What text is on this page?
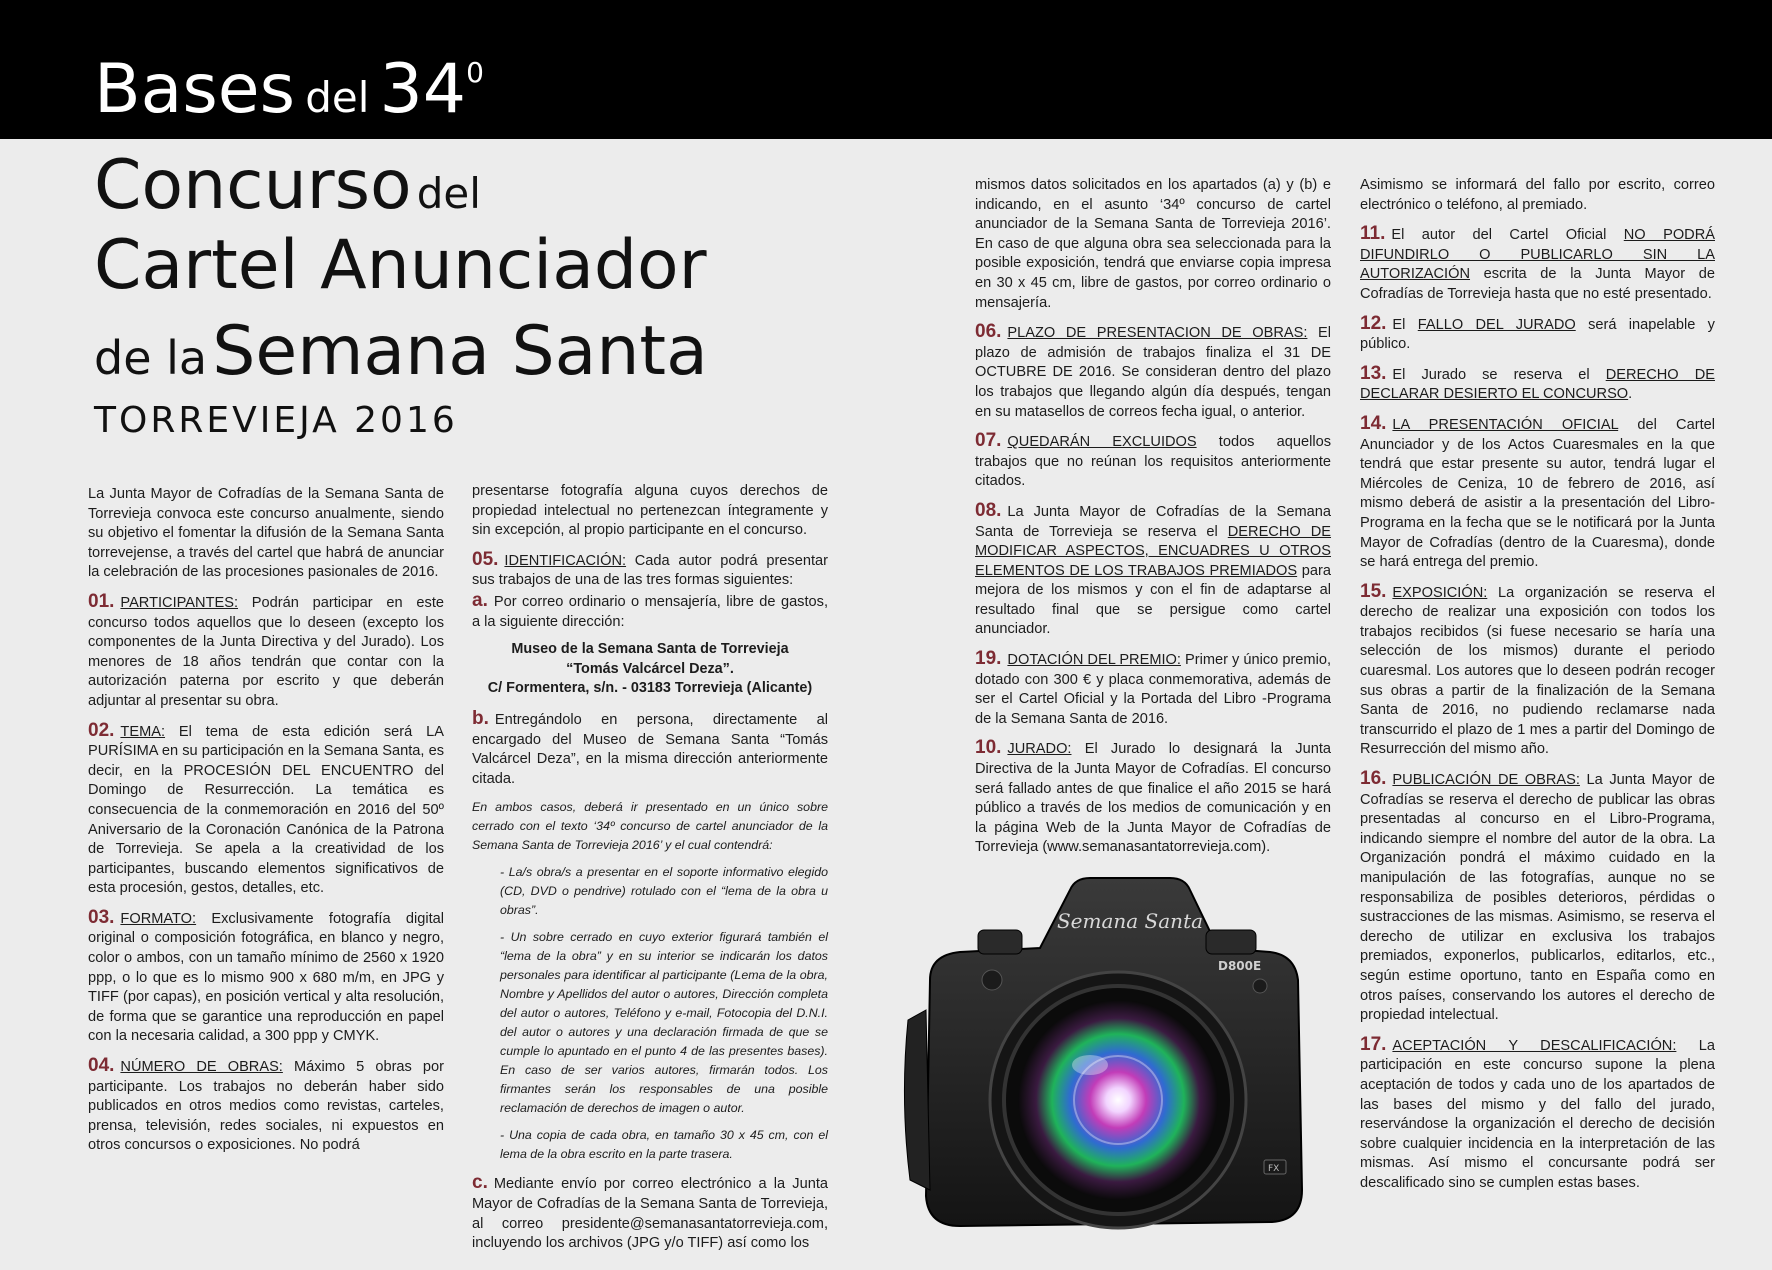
Bases del $34^0$
Concurso del
Cartel Anunciador
de la Semana Santa
TORREVIEJA 2016

La Junta Mayor de Cofradías de la Semana Santa de Torrevieja convoca este concurso anualmente, siendo su objetivo el fomentar la difusión de la Semana Santa torrevejense, a través del cartel que habrá de anunciar la celebración de las procesiones pasionales de 2016.

01. PARTICIPANTES: Podrán participar en este concurso todos aquellos que lo deseen (excepto los componentes de la Junta Directiva y del Jurado). Los menores de 18 años tendrán que contar con la autorización paterna por escrito y que deberán adjuntar al presentar su obra.

02. TEMA: El tema de esta edición será LA PURÍSIMA en su participación en la Semana Santa, es decir, en la PROCESIÓN DEL ENCUENTRO del Domingo de Resurrección. La temática es consecuencia de la conmemoración en 2016 del 50º Aniversario de la Coronación Canónica de la Patrona de Torrevieja. Se apela a la creatividad de los participantes, buscando elementos significativos de esta procesión, gestos, detalles, etc.

03. FORMATO: Exclusivamente fotografía digital original o composición fotográfica, en blanco y negro, color o ambos, con un tamaño mínimo de 2560 x 1920 ppp, o lo que es lo mismo 900 x 680 m/m, en JPG y TIFF (por capas), en posición vertical y alta resolución, de forma que se garantice una reproducción en papel con la necesaria calidad, a 300 ppp y CMYK.

04. NÚMERO DE OBRAS: Máximo 5 obras por participante. Los trabajos no deberán haber sido publicados en otros medios como revistas, carteles, prensa, televisión, redes sociales, ni expuestos en otros concursos o exposiciones. No podrá

presentarse fotografía alguna cuyos derechos de propiedad intelectual no pertenezcan íntegramente y sin excepción, al propio participante en el concurso.

05. IDENTIFICACIÓN: Cada autor podrá presentar sus trabajos de una de las tres formas siguientes:

a. Por correo ordinario o mensajería, libre de gastos, a la siguiente dirección:

Museo de la Semana Santa de Torrevieja
“Tomás Valcárcel Deza”.
C/ Formentera, s/n. - 03183 Torrevieja (Alicante)

b. Entregándolo en persona, directamente al encargado del Museo de Semana Santa “Tomás Valcárcel Deza”, en la misma dirección anteriormente citada.

En ambos casos, deberá ir presentado en un único sobre cerrado con el texto ‘34º concurso de cartel anunciador de la Semana Santa de Torrevieja 2016’ y el cual contendrá:

- La/s obra/s a presentar en el soporte informativo elegido (CD, DVD o pendrive) rotulado con el “lema de la obra u obras”.

- Un sobre cerrado en cuyo exterior figurará también el “lema de la obra” y en su interior se indicarán los datos personales para identificar al participante (Lema de la obra, Nombre y Apellidos del autor o autores, Dirección completa del autor o autores, Teléfono y e-mail, Fotocopia del D.N.I. del autor o autores y una declaración firmada de que se cumple lo apuntado en el punto 4 de las presentes bases). En caso de ser varios autores, firmarán todos. Los firmantes serán los responsables de una posible reclamación de derechos de imagen o autor.

- Una copia de cada obra, en tamaño 30 x 45 cm, con el lema de la obra escrito en la parte trasera.

c. Mediante envío por correo electrónico a la Junta Mayor de Cofradías de la Semana Santa de Torrevieja, al correo presidente@semanasantatorrevieja.com, incluyendo los archivos (JPG y/o TIFF) así como los

mismos datos solicitados en los apartados (a) y (b) e indicando, en el asunto ‘34º concurso de cartel anunciador de la Semana Santa de Torrevieja 2016’. En caso de que alguna obra sea seleccionada para la posible exposición, tendrá que enviarse copia impresa en 30 x 45 cm, libre de gastos, por correo ordinario o mensajería.

06. PLAZO DE PRESENTACION DE OBRAS: El plazo de admisión de trabajos finaliza el 31 DE OCTUBRE DE 2016. Se consideran dentro del plazo los trabajos que llegando algún día después, tengan en su matasellos de correos fecha igual, o anterior.

07. QUEDARÁN EXCLUIDOS todos aquellos trabajos que no reúnan los requisitos anteriormente citados.

08. La Junta Mayor de Cofradías de la Semana Santa de Torrevieja se reserva el DERECHO DE MODIFICAR ASPECTOS, ENCUADRES U OTROS ELEMENTOS DE LOS TRABAJOS PREMIADOS para mejora de los mismos y con el fin de adaptarse al resultado final que se persigue como cartel anunciador.

19. DOTACIÓN DEL PREMIO: Primer y único premio, dotado con 300 € y placa conmemorativa, además de ser el Cartel Oficial y la Portada del Libro -Programa de la Semana Santa de 2016.

10. JURADO: El Jurado lo designará la Junta Directiva de la Junta Mayor de Cofradías. El concurso será fallado antes de que finalice el año 2015 se hará público a través de los medios de comunicación y en la página Web de la Junta Mayor de Cofradías de Torrevieja (www.semanasantatorrevieja.com).

Asimismo se informará del fallo por escrito, correo electrónico o teléfono, al premiado.

11. El autor del Cartel Oficial NO PODRÁ DIFUNDIRLO O PUBLICARLO SIN LA AUTORIZACIÓN escrita de la Junta Mayor de Cofradías de Torrevieja hasta que no esté presentado.

12. El FALLO DEL JURADO será inapelable y público.

13. El Jurado se reserva el DERECHO DE DECLARAR DESIERTO EL CONCURSO.

14. LA PRESENTACIÓN OFICIAL del Cartel Anunciador y de los Actos Cuaresmales en la que tendrá que estar presente su autor, tendrá lugar el Miércoles de Ceniza, 10 de febrero de 2016, así mismo deberá de asistir a la presentación del Libro-Programa en la fecha que se le notificará por la Junta Mayor de Cofradías (dentro de la Cuaresma), donde se hará entrega del premio.

15. EXPOSICIÓN: La organización se reserva el derecho de realizar una exposición con todos los trabajos recibidos (si fuese necesario se haría una selección de los mismos) durante el periodo cuaresmal. Los autores que lo deseen podrán recoger sus obras a partir de la finalización de la Semana Santa de 2016, no pudiendo reclamarse nada transcurrido el plazo de 1 mes a partir del Domingo de Resurrección del mismo año.

16. PUBLICACIÓN DE OBRAS: La Junta Mayor de Cofradías se reserva el derecho de publicar las obras presentadas al concurso en el Libro-Programa, indicando siempre el nombre del autor de la obra. La Organización pondrá el máximo cuidado en la manipulación de las fotografías, aunque no se responsabiliza de posibles deterioros, pérdidas o sustracciones de las mismas. Asimismo, se reserva el derecho de utilizar en exclusiva los trabajos premiados, exponerlos, publicarlos, editarlos, etc., según estime oportuno, tanto en España como en otros países, conservando los autores el derecho de propiedad intelectual.

17. ACEPTACIÓN Y DESCALIFICACIÓN: La participación en este concurso supone la plena aceptación de todos y cada uno de los apartados de las bases del mismo y del fallo del jurado, reservándose la organización el derecho de decisión sobre cualquier incidencia en la interpretación de las mismas. Así mismo el concursante podrá ser descalificado sino se cumplen estas bases.

Semana Santa
D800E
FX
